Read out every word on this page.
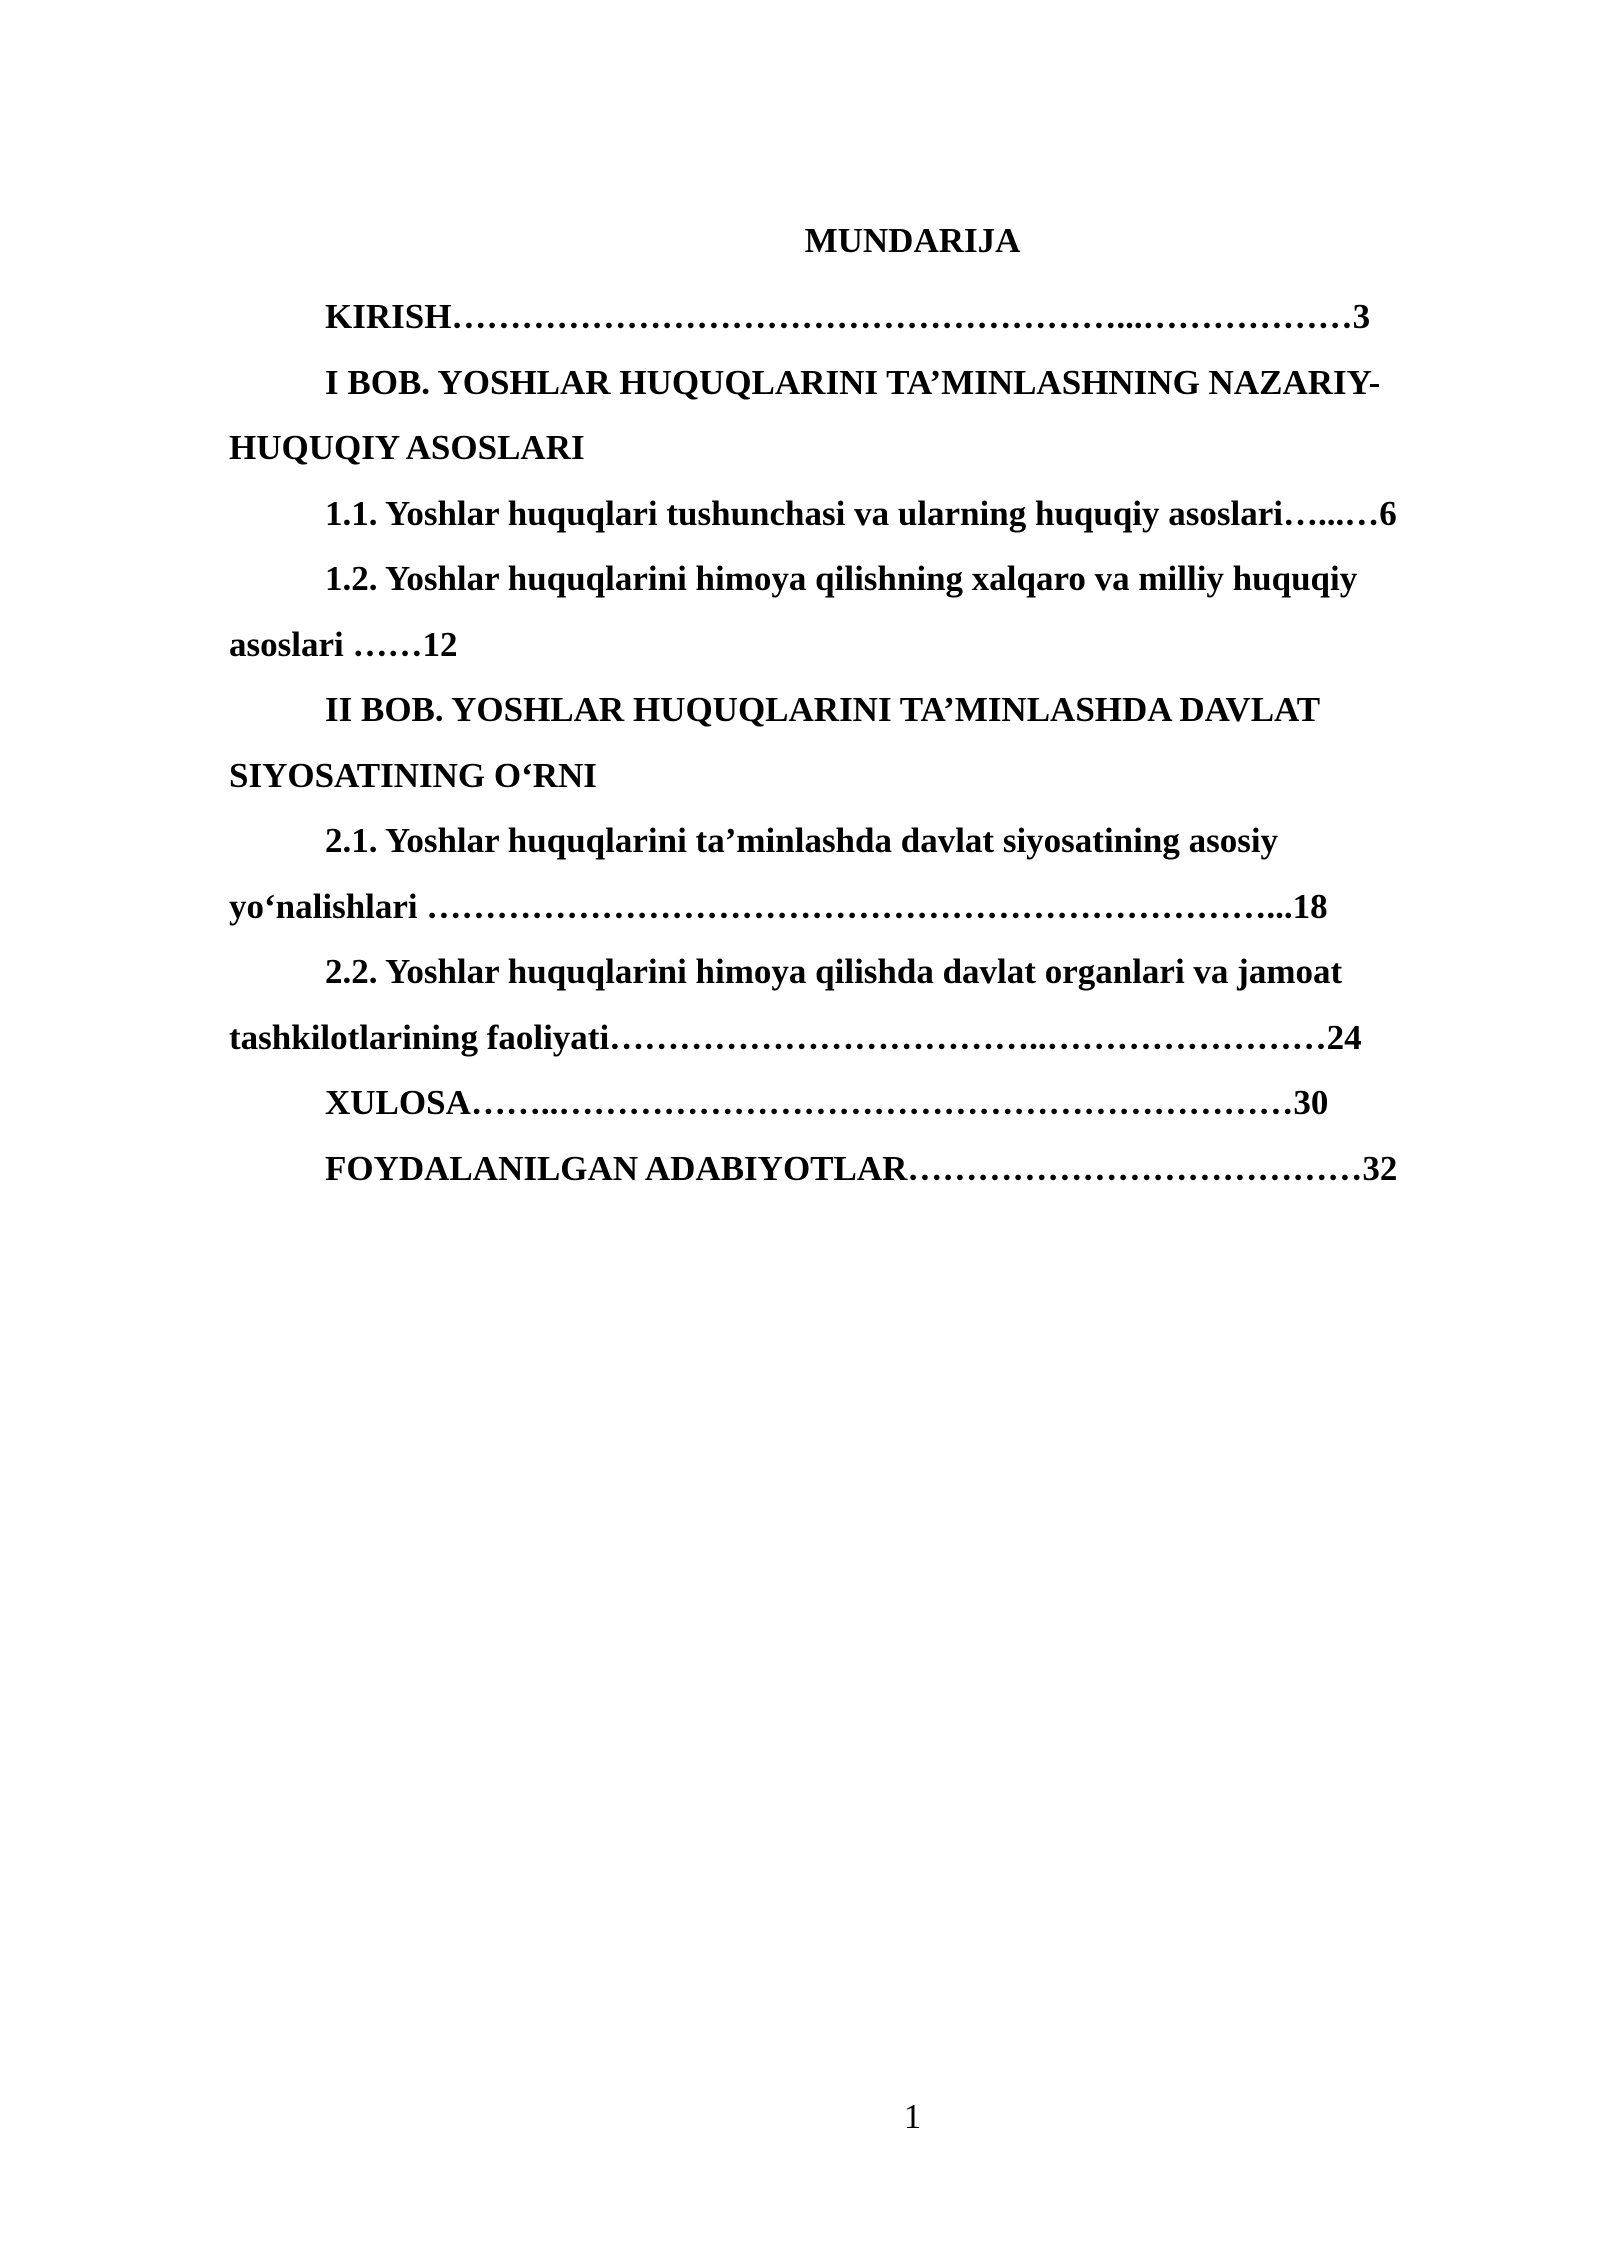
MUNDARIJA

KIRISH…………………………………………………...………………3

I BOB. YOSHLAR HUQUQLARINI TA’MINLASHNING NAZARIY-

HUQUQIY ASOSLARI

1.1. Yoshlar huquqlari tushunchasi va ularning huquqiy asoslari…...…6

1.2. Yoshlar huquqlarini himoya qilishning xalqaro va milliy huquqiy

asoslari ……12

II BOB. YOSHLAR HUQUQLARINI TA’MINLASHDA DAVLAT

SIYOSATINING O‘RNI

2.1. Yoshlar huquqlarini ta’minlashda davlat siyosatining asosiy

yo‘nalishlari ………………………………………………………………...18

2.2. Yoshlar huquqlarini himoya qilishda davlat organlari va jamoat

tashkilotlarining faoliyati………………………………..……………………24

XULOSA……..………………………………………………………30

FOYDALANILGAN ADABIYOTLAR…………………………………32

1
